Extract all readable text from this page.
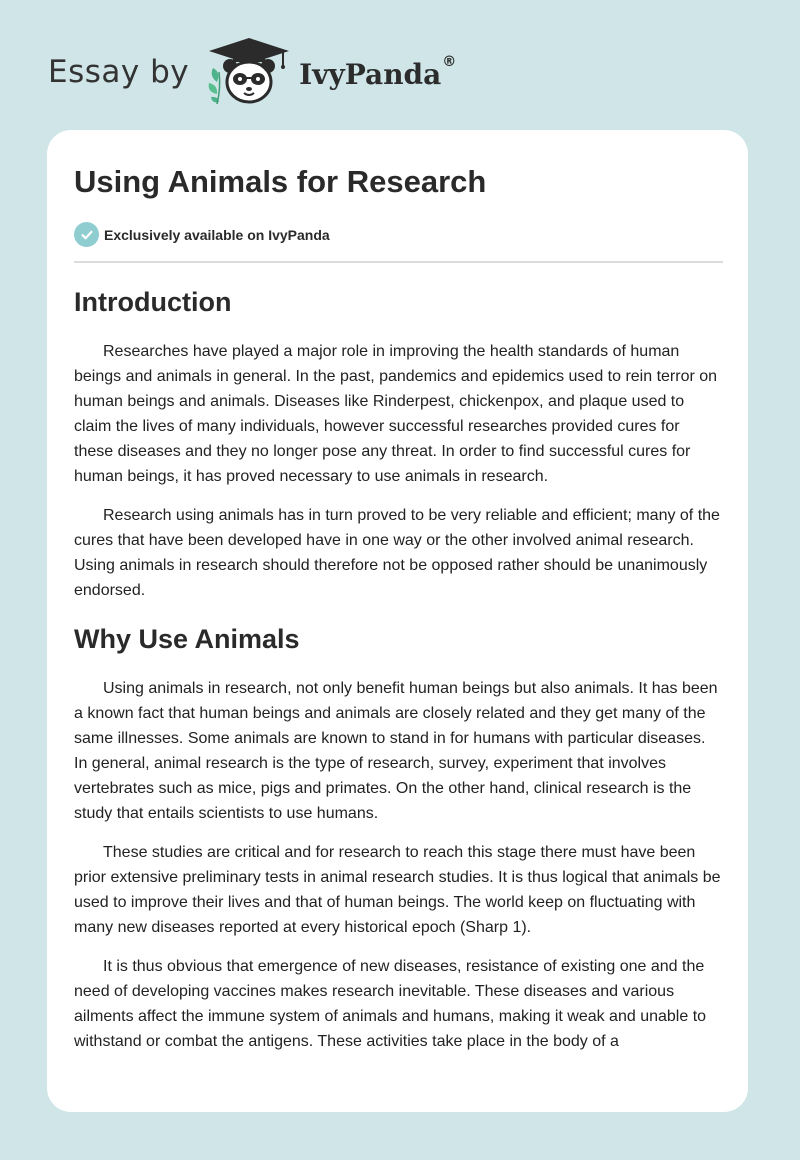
Essay by	IvyPanda®
Using Animals for Research
Exclusively available on IvyPanda
Introduction

Researches have played a major role in improving the health standards of human beings and animals in general. In the past, pandemics and epidemics used to rein terror on human beings and animals. Diseases like Rinderpest, chickenpox, and plaque used to claim the lives of many individuals, however successful researches provided cures for these diseases and they no longer pose any threat. In order to find successful cures for human beings, it has proved necessary to use animals in research.

Research using animals has in turn proved to be very reliable and efficient; many of the cures that have been developed have in one way or the other involved animal research. Using animals in research should therefore not be opposed rather should be unanimously endorsed.

Why Use Animals

Using animals in research, not only benefit human beings but also animals. It has been a known fact that human beings and animals are closely related and they get many of the same illnesses. Some animals are known to stand in for humans with particular diseases. In general, animal research is the type of research, survey, experiment that involves vertebrates such as mice, pigs and primates. On the other hand, clinical research is the study that entails scientists to use humans.

These studies are critical and for research to reach this stage there must have been prior extensive preliminary tests in animal research studies. It is thus logical that animals be used to improve their lives and that of human beings. The world keep on fluctuating with many new diseases reported at every historical epoch (Sharp 1).

It is thus obvious that emergence of new diseases, resistance of existing one and the need of developing vaccines makes research inevitable. These diseases and various ailments affect the immune system of animals and humans, making it weak and unable to withstand or combat the antigens. These activities take place in the body of a
